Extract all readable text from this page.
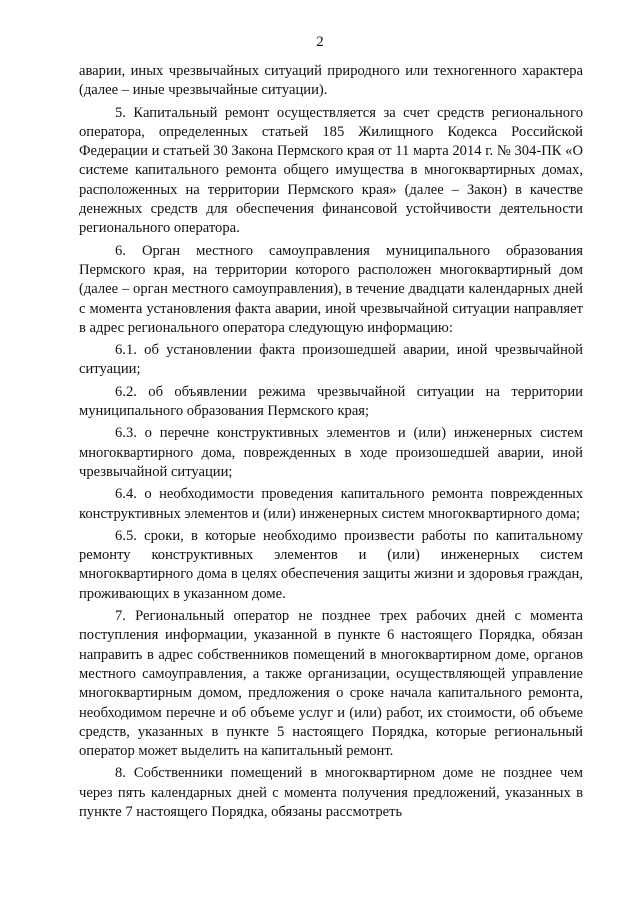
2

аварии, иных чрезвычайных ситуаций природного или техногенного характера (далее – иные чрезвычайные ситуации).

5. Капитальный ремонт осуществляется за счет средств регионального оператора, определенных статьей 185 Жилищного Кодекса Российской Федерации и статьей 30 Закона Пермского края от 11 марта 2014 г. № 304-ПК «О системе капитального ремонта общего имущества в многоквартирных домах, расположенных на территории Пермского края» (далее – Закон) в качестве денежных средств для обеспечения финансовой устойчивости деятельности регионального оператора.

6. Орган местного самоуправления муниципального образования Пермского края, на территории которого расположен многоквартирный дом (далее – орган местного самоуправления), в течение двадцати календарных дней с момента установления факта аварии, иной чрезвычайной ситуации направляет в адрес регионального оператора следующую информацию:

6.1. об установлении факта произошедшей аварии, иной чрезвычайной ситуации;

6.2. об объявлении режима чрезвычайной ситуации на территории муниципального образования Пермского края;

6.3. о перечне конструктивных элементов и (или) инженерных систем многоквартирного дома, поврежденных в ходе произошедшей аварии, иной чрезвычайной ситуации;

6.4. о необходимости проведения капитального ремонта поврежденных конструктивных элементов и (или) инженерных систем многоквартирного дома;

6.5. сроки, в которые необходимо произвести работы по капитальному ремонту конструктивных элементов и (или) инженерных систем многоквартирного дома в целях обеспечения защиты жизни и здоровья граждан, проживающих в указанном доме.

7. Региональный оператор не позднее трех рабочих дней с момента поступления информации, указанной в пункте 6 настоящего Порядка, обязан направить в адрес собственников помещений в многоквартирном доме, органов местного самоуправления, а также организации, осуществляющей управление многоквартирным домом, предложения о сроке начала капитального ремонта, необходимом перечне и об объеме услуг и (или) работ, их стоимости, об объеме средств, указанных в пункте 5 настоящего Порядка, которые региональный оператор может выделить на капитальный ремонт.

8. Собственники помещений в многоквартирном доме не позднее чем через пять календарных дней с момента получения предложений, указанных в пункте 7 настоящего Порядка, обязаны рассмотреть
